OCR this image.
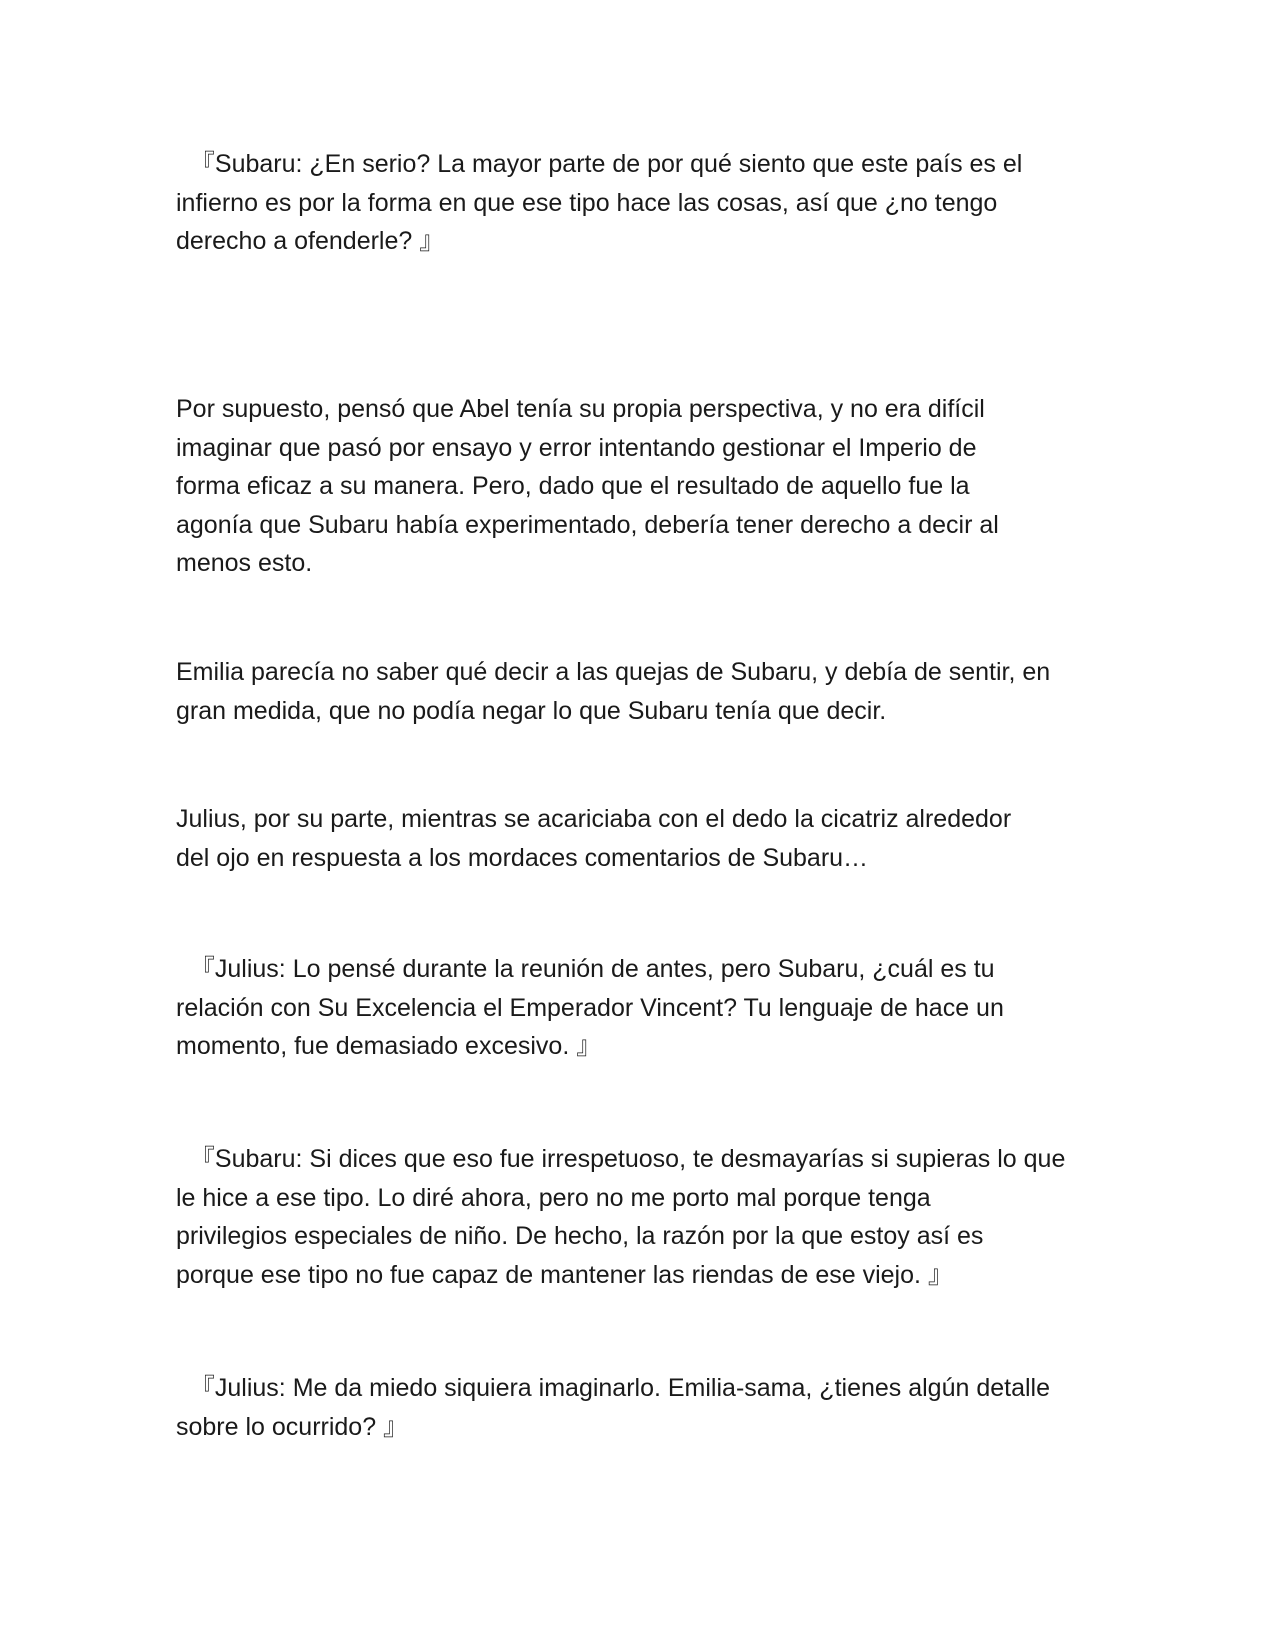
『Subaru: ¿En serio? La mayor parte de por qué siento que este país es el
infierno es por la forma en que ese tipo hace las cosas, así que ¿no tengo
derecho a ofenderle? 』

Por supuesto, pensó que Abel tenía su propia perspectiva, y no era difícil
imaginar que pasó por ensayo y error intentando gestionar el Imperio de
forma eficaz a su manera. Pero, dado que el resultado de aquello fue la
agonía que Subaru había experimentado, debería tener derecho a decir al
menos esto.

Emilia parecía no saber qué decir a las quejas de Subaru, y debía de sentir, en
gran medida, que no podía negar lo que Subaru tenía que decir.

Julius, por su parte, mientras se acariciaba con el dedo la cicatriz alrededor
del ojo en respuesta a los mordaces comentarios de Subaru…

『Julius: Lo pensé durante la reunión de antes, pero Subaru, ¿cuál es tu
relación con Su Excelencia el Emperador Vincent? Tu lenguaje de hace un
momento, fue demasiado excesivo. 』

『Subaru: Si dices que eso fue irrespetuoso, te desmayarías si supieras lo que
le hice a ese tipo. Lo diré ahora, pero no me porto mal porque tenga
privilegios especiales de niño. De hecho, la razón por la que estoy así es
porque ese tipo no fue capaz de mantener las riendas de ese viejo. 』

『Julius: Me da miedo siquiera imaginarlo. Emilia-sama, ¿tienes algún detalle
sobre lo ocurrido? 』
